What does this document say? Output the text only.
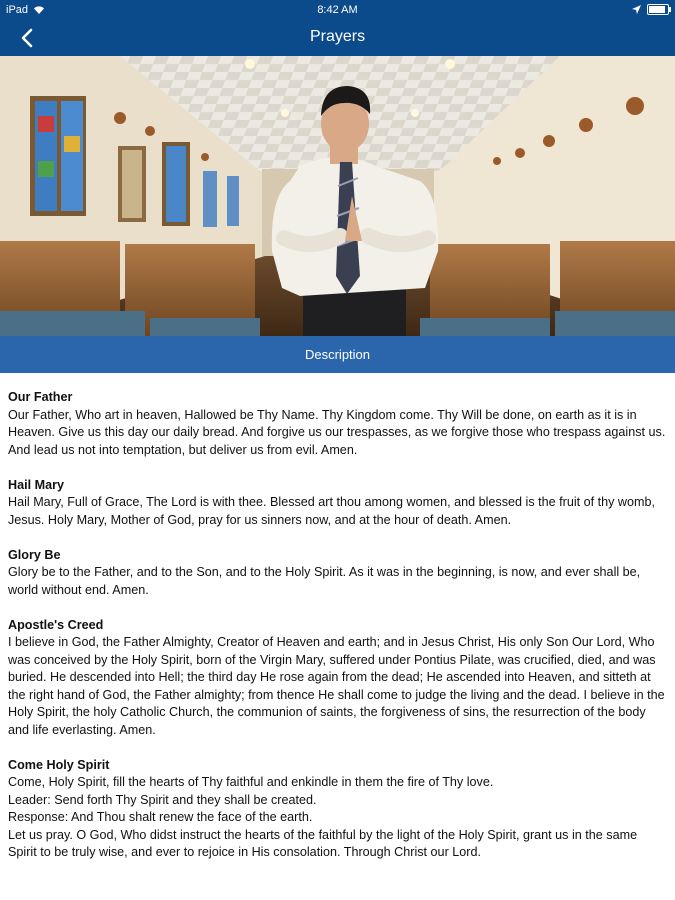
iPad	8:42 AM
Prayers
Description
Our Father

Our Father, Who art in heaven, Hallowed be Thy Name. Thy Kingdom come. Thy Will be done, on earth as it is in Heaven. Give us this day our daily bread. And forgive us our trespasses, as we forgive those who trespass against us. And lead us not into temptation, but deliver us from evil. Amen.

Hail Mary

Hail Mary, Full of Grace, The Lord is with thee. Blessed art thou among women, and blessed is the fruit of thy womb, Jesus. Holy Mary, Mother of God, pray for us sinners now, and at the hour of death. Amen.

Glory Be

Glory be to the Father, and to the Son, and to the Holy Spirit. As it was in the beginning, is now, and ever shall be, world without end. Amen.

Apostle's Creed

I believe in God, the Father Almighty, Creator of Heaven and earth; and in Jesus Christ, His only Son Our Lord, Who was conceived by the Holy Spirit, born of the Virgin Mary, suffered under Pontius Pilate, was crucified, died, and was buried. He descended into Hell; the third day He rose again from the dead; He ascended into Heaven, and sitteth at the right hand of God, the Father almighty; from thence He shall come to judge the living and the dead. I believe in the Holy Spirit, the holy Catholic Church, the communion of saints, the forgiveness of sins, the resurrection of the body and life everlasting. Amen.

Come Holy Spirit

Come, Holy Spirit, fill the hearts of Thy faithful and enkindle in them the fire of Thy love.

Leader: Send forth Thy Spirit and they shall be created.

Response: And Thou shalt renew the face of the earth.

Let us pray. O God, Who didst instruct the hearts of the faithful by the light of the Holy Spirit, grant us in the same Spirit to be truly wise, and ever to rejoice in His consolation. Through Christ our Lord.
